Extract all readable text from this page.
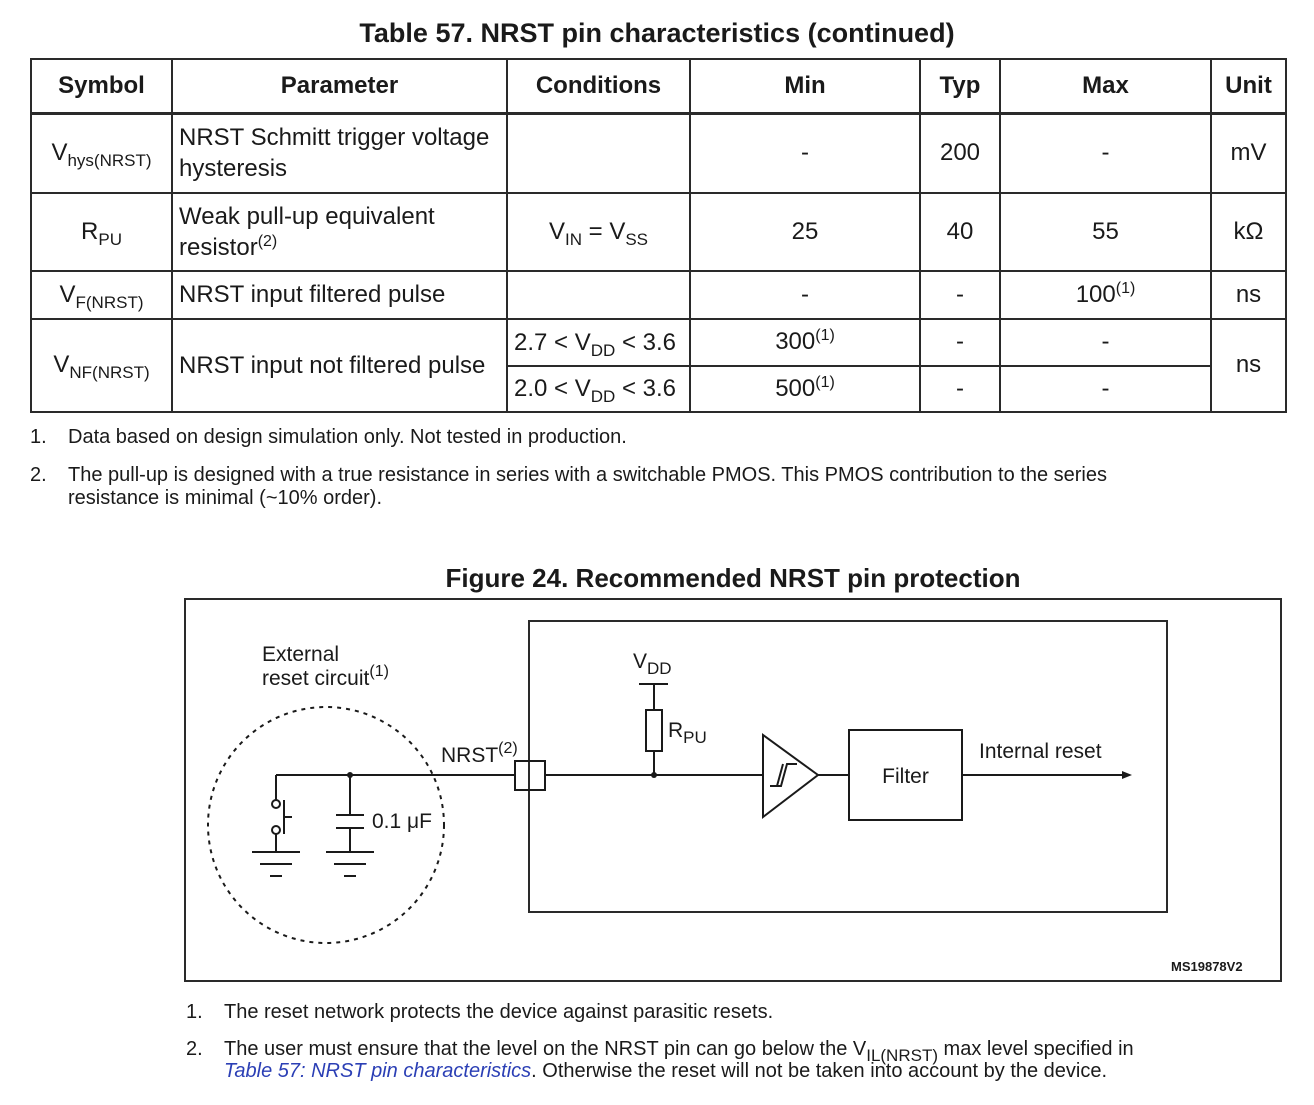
Table 57. NRST pin characteristics (continued)
Symbol	Parameter	Conditions	Min	Typ	Max	Unit
$V_{hys(NRST)}$	NRST Schmitt trigger voltage hysteresis		-	200	-	mV
$R_{PU}$	Weak pull-up equivalent resistor$^{(2)}$	$V_{IN} = V_{SS}$	25	40	55	kΩ
$V_{F(NRST)}$	NRST input filtered pulse		-	-	100$^{(1)}$	ns
$V_{NF(NRST)}$	NRST input not filtered pulse	$2.7 < V_{DD} < 3.6$	300$^{(1)}$	-	-	ns
		$2.0 < V_{DD} < 3.6$	500$^{(1)}$	-	-	
1. Data based on design simulation only. Not tested in production.
2. The pull-up is designed with a true resistance in series with a switchable PMOS. This PMOS contribution to the series
resistance is minimal (~10% order).
Figure 24. Recommended NRST pin protection
External
reset circuit$^{(1)}$
NRST$^{(2)}$
$V_{DD}$
$R_{PU}$
0.1 μF
Filter
Internal reset
MS19878V2
1. The reset network protects the device against parasitic resets.
2. The user must ensure that the level on the NRST pin can go below the $V_{IL(NRST)}$ max level specified in
Table 57: NRST pin characteristics. Otherwise the reset will not be taken into account by the device.
